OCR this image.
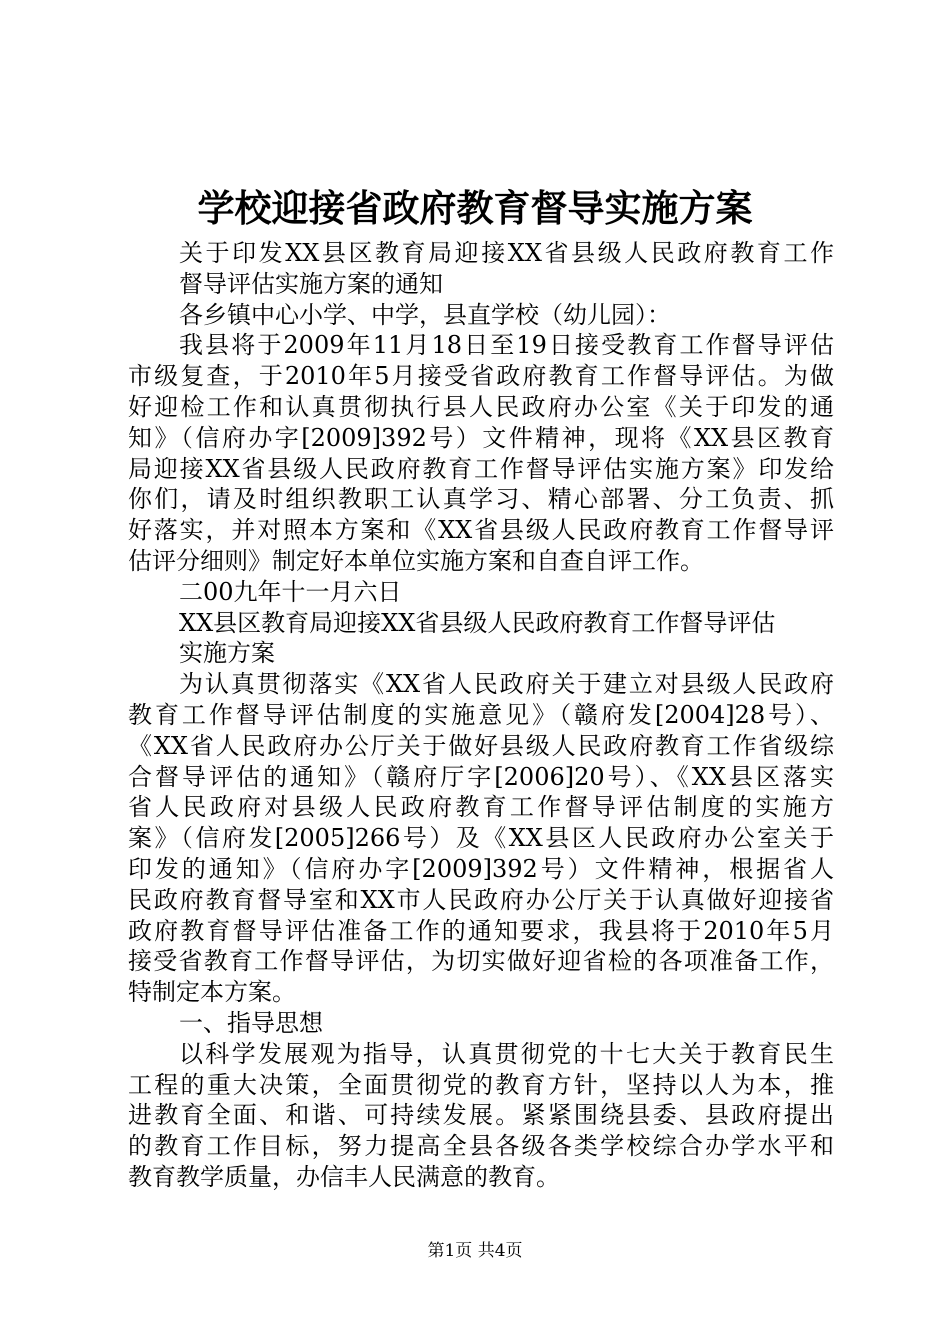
学校迎接省政府教育督导实施方案
关于印发XX县区教育局迎接XX省县级人民政府教育工作
督导评估实施方案的通知
各乡镇中心小学、中学，县直学校（幼儿园）：
我县将于2009年11月18日至19日接受教育工作督导评估
市级复查，于2010年5月接受省政府教育工作督导评估。为做
好迎检工作和认真贯彻执行县人民政府办公室《关于印发的通
知》（信府办字[2009]392号）文件精神，现将《XX县区教育
局迎接XX省县级人民政府教育工作督导评估实施方案》印发给
你们，请及时组织教职工认真学习、精心部署、分工负责、抓
好落实，并对照本方案和《XX省县级人民政府教育工作督导评
估评分细则》制定好本单位实施方案和自查自评工作。
二00九年十一月六日
XX县区教育局迎接XX省县级人民政府教育工作督导评估
实施方案
为认真贯彻落实《XX省人民政府关于建立对县级人民政府
教育工作督导评估制度的实施意见》（赣府发[2004]28号）、
《XX省人民政府办公厅关于做好县级人民政府教育工作省级综
合督导评估的通知》（赣府厅字[2006]20号）、《XX县区落实
省人民政府对县级人民政府教育工作督导评估制度的实施方
案》（信府发[2005]266号）及《XX县区人民政府办公室关于
印发的通知》（信府办字[2009]392号）文件精神，根据省人
民政府教育督导室和XX市人民政府办公厅关于认真做好迎接省
政府教育督导评估准备工作的通知要求，我县将于2010年5月
接受省教育工作督导评估，为切实做好迎省检的各项准备工作，
特制定本方案。
一、指导思想
以科学发展观为指导，认真贯彻党的十七大关于教育民生
工程的重大决策，全面贯彻党的教育方针，坚持以人为本，推
进教育全面、和谐、可持续发展。紧紧围绕县委、县政府提出
的教育工作目标，努力提高全县各级各类学校综合办学水平和
教育教学质量，办信丰人民满意的教育。
第1页 共4页
